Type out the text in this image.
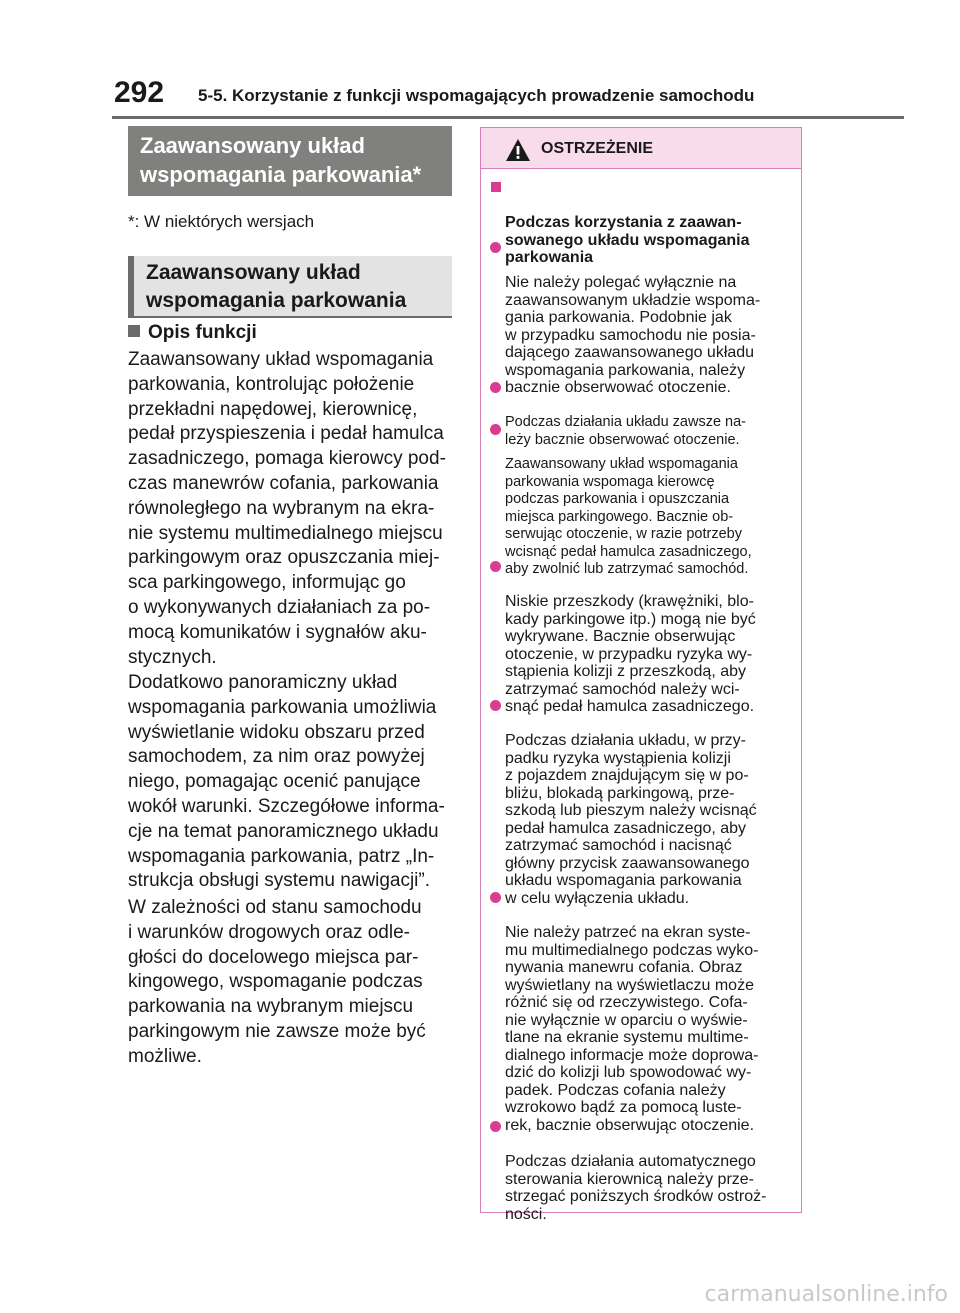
292 5-5. Korzystanie z funkcji wspomagających prowadzenie samochodu
Zaawansowany układ
wspomagania parkowania*
*: W niektórych wersjach
Zaawansowany układ
wspomagania parkowania
Opis funkcji

Zaawansowany układ wspomagania
parkowania, kontrolując położenie
przekładni napędowej, kierownicę,
pedał przyspieszenia i pedał hamulca
zasadniczego, pomaga kierowcy pod-
czas manewrów cofania, parkowania
równoległego na wybranym na ekra-
nie systemu multimedialnego miejscu
parkingowym oraz opuszczania miej-
sca parkingowego, informując go
o wykonywanych działaniach za po-
mocą komunikatów i sygnałów aku-
stycznych.

Dodatkowo panoramiczny układ
wspomagania parkowania umożliwia
wyświetlanie widoku obszaru przed
samochodem, za nim oraz powyżej
niego, pomagając ocenić panujące
wokół warunki. Szczegółowe informa-
cje na temat panoramicznego układu
wspomagania parkowania, patrz „In-
strukcja obsługi systemu nawigacji”.

W zależności od stanu samochodu
i warunków drogowych oraz odle-
głości do docelowego miejsca par-
kingowego, wspomaganie podczas
parkowania na wybranym miejscu
parkingowym nie zawsze może być
możliwe.

OSTRZEŻENIE

Podczas korzystania z zaawan-
sowanego układu wspomagania
parkowania

Nie należy polegać wyłącznie na
zaawansowanym układzie wspoma-
gania parkowania. Podobnie jak
w przypadku samochodu nie posia-
dającego zaawansowanego układu
wspomagania parkowania, należy
bacznie obserwować otoczenie.

Podczas działania układu zawsze na-
leży bacznie obserwować otoczenie.

Zaawansowany układ wspomagania
parkowania wspomaga kierowcę
podczas parkowania i opuszczania
miejsca parkingowego. Bacznie ob-
serwując otoczenie, w razie potrzeby
wcisnąć pedał hamulca zasadniczego,
aby zwolnić lub zatrzymać samochód.

Niskie przeszkody (krawężniki, blo-
kady parkingowe itp.) mogą nie być
wykrywane. Bacznie obserwując
otoczenie, w przypadku ryzyka wy-
stąpienia kolizji z przeszkodą, aby
zatrzymać samochód należy wci-
snąć pedał hamulca zasadniczego.

Podczas działania układu, w przy-
padku ryzyka wystąpienia kolizji
z pojazdem znajdującym się w po-
bliżu, blokadą parkingową, prze-
szkodą lub pieszym należy wcisnąć
pedał hamulca zasadniczego, aby
zatrzymać samochód i nacisnąć
główny przycisk zaawansowanego
układu wspomagania parkowania
w celu wyłączenia układu.

Nie należy patrzeć na ekran syste-
mu multimedialnego podczas wyko-
nywania manewru cofania. Obraz
wyświetlany na wyświetlaczu może
różnić się od rzeczywistego. Cofa-
nie wyłącznie w oparciu o wyświe-
tlane na ekranie systemu multime-
dialnego informacje może doprowa-
dzić do kolizji lub spowodować wy-
padek. Podczas cofania należy
wzrokowo bądź za pomocą luste-
rek, bacznie obserwując otoczenie.

Podczas działania automatycznego
sterowania kierownicą należy prze-
strzegać poniższych środków ostroż-
ności.

carmanualsonline.info
